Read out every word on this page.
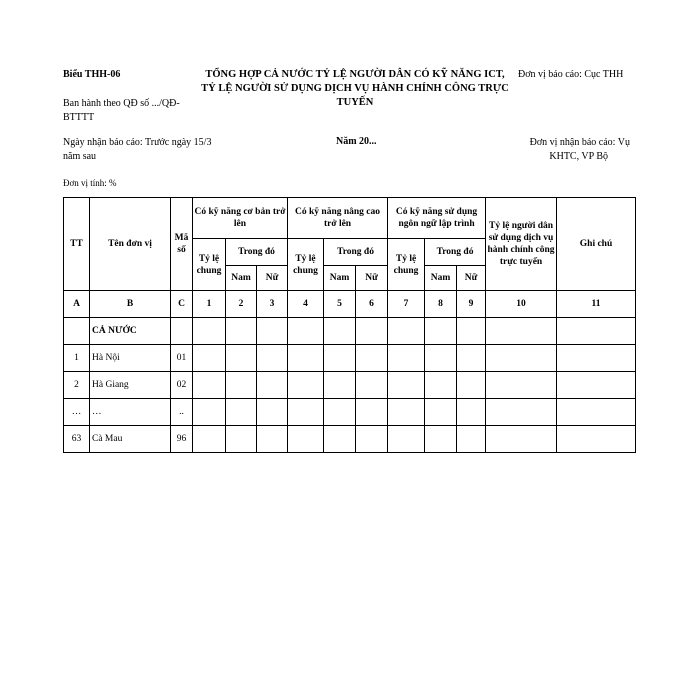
Biểu THH-06
Ban hành theo QĐ số .../QĐ-BTTTT
TỔNG HỢP CẢ NƯỚC TỶ LỆ NGƯỜI DÂN CÓ KỸ NĂNG ICT,
TỶ LỆ NGƯỜI SỬ DỤNG DỊCH VỤ HÀNH CHÍNH CÔNG TRỰC TUYẾN
Đơn vị báo cáo: Cục THH
Ngày nhận báo cáo: Trước ngày 15/3 năm sau
Năm 20...	Đơn vị nhận báo cáo: Vụ
KHTC, VP Bộ
Đơn vị tính: %
TT	Tên đơn vị	Mã số	Có kỹ năng cơ bản trở lên			Có kỹ năng nâng cao trở lên			Có kỹ năng sử dụng ngôn ngữ lập trình			Tỷ lệ người dân sử dụng dịch vụ hành chính công trực tuyến	Ghi chú
			Tỷ lệ chung	Trong đó		Tỷ lệ chung	Trong đó		Tỷ lệ chung	Trong đó			
				Nam	Nữ		Nam	Nữ		Nam	Nữ		
A	B	C	1	2	3	4	5	6	7	8	9	10	11
	CẢ NƯỚC												
1	Hà Nội	01											
2	Hà Giang	02											
…	…	..											
63	Cà Mau	96											
